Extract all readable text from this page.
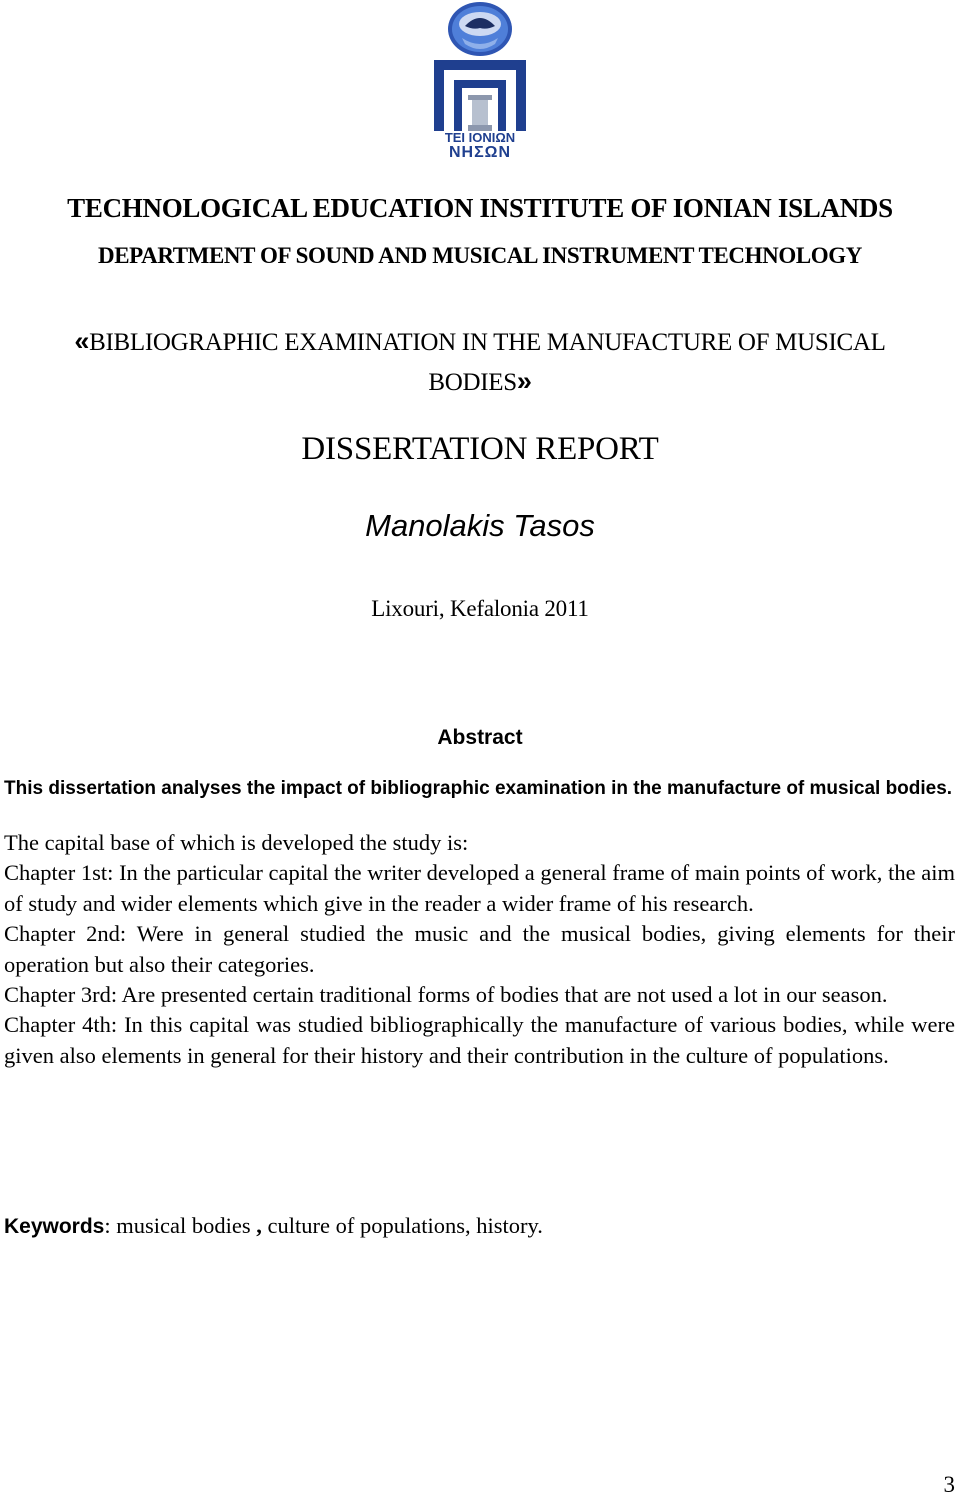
ΤΕΙ ΙΟΝΙΩΝ
ΝΗΣΩΝ
TECHNOLOGICAL EDUCATION INSTITUTE OF IONIAN ISLANDS
DEPARTMENT OF SOUND AND MUSICAL INSTRUMENT TECHNOLOGY
«BIBLIOGRAPHIC EXAMINATION IN THE MANUFACTURE OF MUSICAL BODIES»
DISSERTATION REPORT
Manolakis Tasos
Lixouri, Kefalonia 2011
Abstract
This dissertation analyses the impact of bibliographic examination in the manufacture of musical bodies.

The capital base of which is developed the study is:

Chapter 1st: In the particular capital the writer developed a general frame of main points of work, the aim of study and wider elements which give in the reader a wider frame of his research.

Chapter 2nd: Were in general studied the music and the musical bodies, giving elements for their operation but also their categories.

Chapter 3rd: Are presented certain traditional forms of bodies that are not used a lot in our season.

Chapter 4th: In this capital was studied bibliographically the manufacture of various bodies, while were given also elements in general for their history and their contribution in the culture of populations.

Keywords: musical bodies , culture of populations, history.
3
